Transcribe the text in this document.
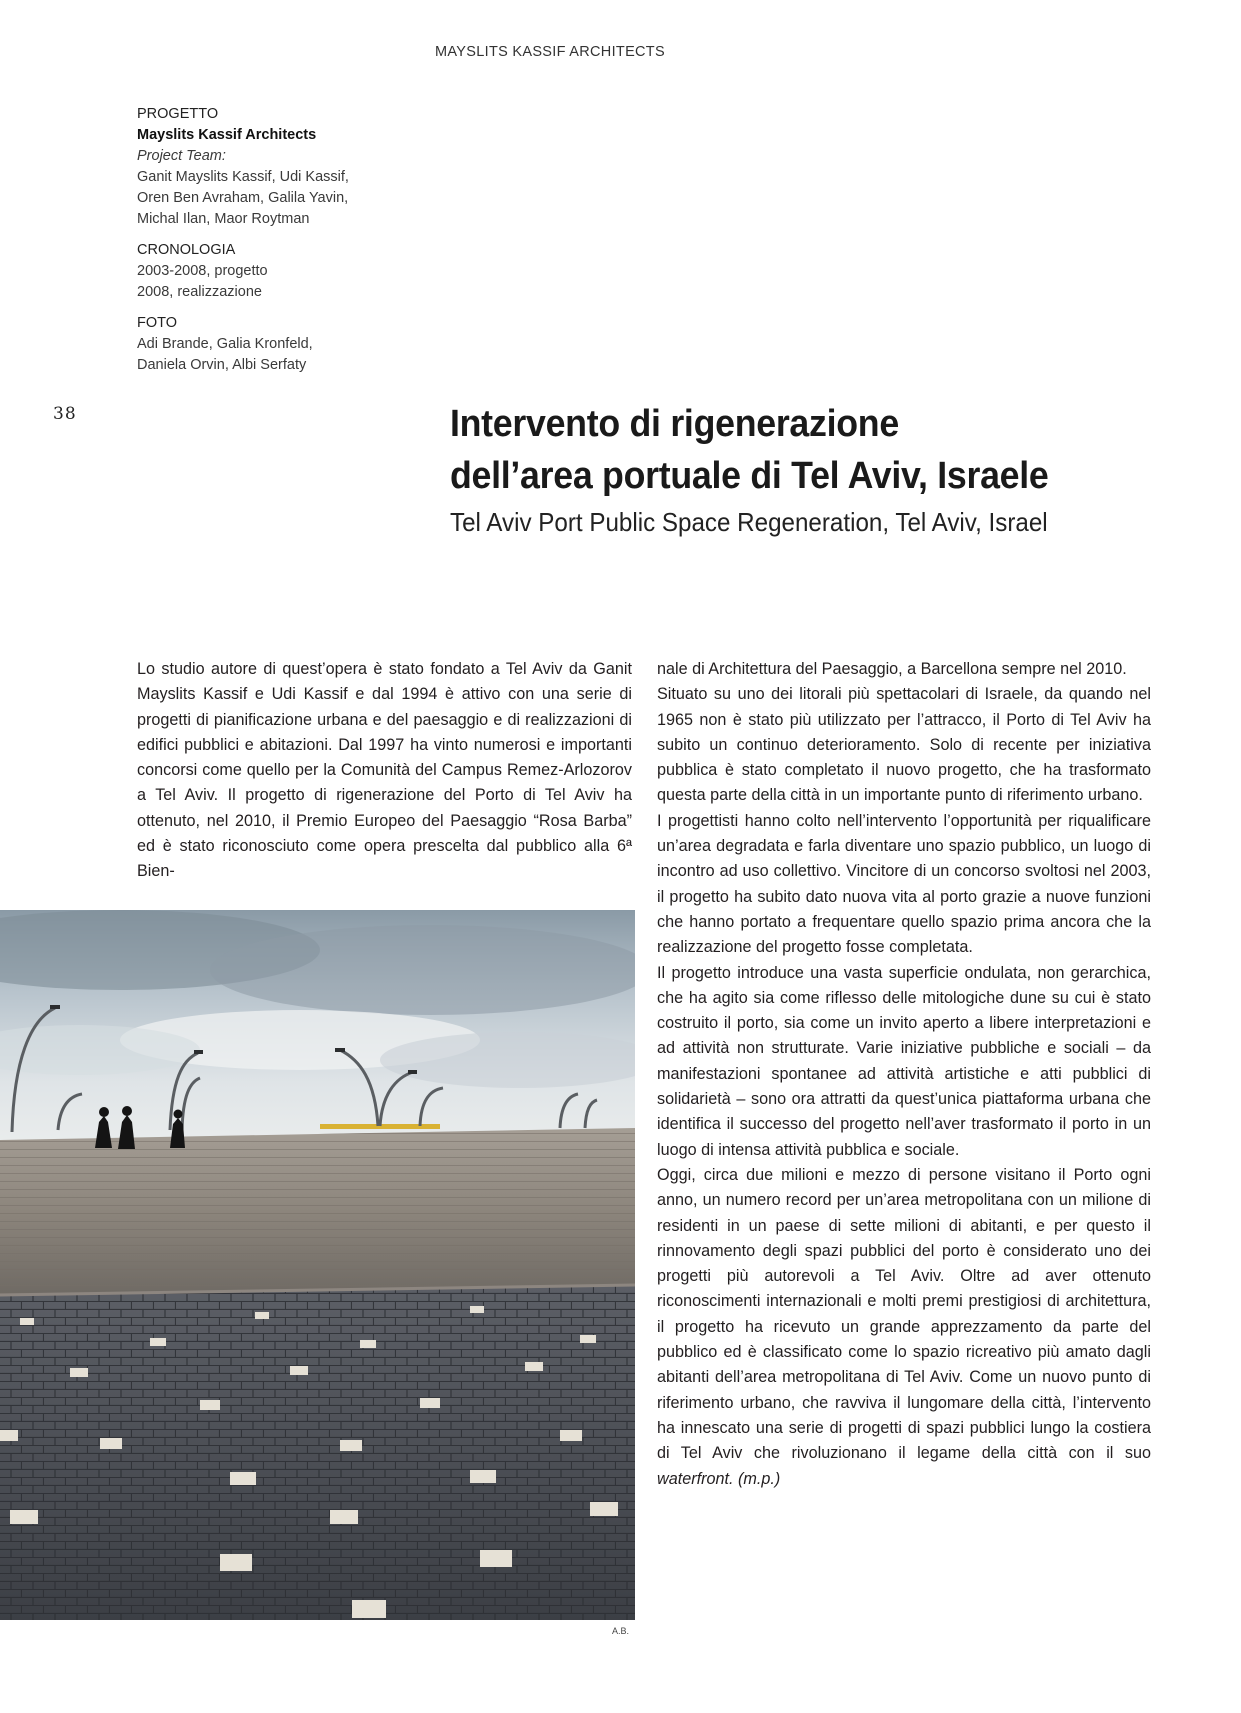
MAYSLITS KASSIF ARCHITECTS
PROGETTO
Mayslits Kassif Architects
Project Team:
Ganit Mayslits Kassif, Udi Kassif,
Oren Ben Avraham, Galila Yavin,
Michal Ilan, Maor Roytman
CRONOLOGIA
2003-2008, progetto
2008, realizzazione
FOTO
Adi Brande, Galia Kronfeld,
Daniela Orvin, Albi Serfaty
38	Intervento di rigenerazione
dell’area portuale di Tel Aviv, Israele
Tel Aviv Port Public Space Regeneration, Tel Aviv, Israel

Lo studio autore di quest’opera è stato fondato a Tel Aviv da Ganit Mayslits Kassif e Udi Kassif e dal 1994 è attivo con una serie di progetti di pianificazione urbana e del paesaggio e di realizzazioni di edifici pubblici e abitazioni. Dal 1997 ha vinto numerosi e importanti concorsi come quello per la Comunità del Campus Remez-Arlozorov a Tel Aviv. Il progetto di rigenerazione del Porto di Tel Aviv ha ottenuto, nel 2010, il Premio Europeo del Paesaggio “Rosa Barba” ed è stato riconosciuto come opera prescelta dal pubblico alla 6ª Bien-

nale di Architettura del Paesaggio, a Barcellona sempre nel 2010.

Situato su uno dei litorali più spettacolari di Israele, da quando nel 1965 non è stato più utilizzato per l’attracco, il Porto di Tel Aviv ha subito un continuo deterioramento. Solo di recente per iniziativa pubblica è stato completato il nuovo progetto, che ha trasformato questa parte della città in un importante punto di riferimento urbano.

I progettisti hanno colto nell’intervento l’opportunità per riqualificare un’area degradata e farla diventare uno spazio pubblico, un luogo di incontro ad uso collettivo. Vincitore di un concorso svoltosi nel 2003, il progetto ha subito dato nuova vita al porto grazie a nuove funzioni che hanno portato a frequentare quello spazio prima ancora che la realizzazione del progetto fosse completata.

Il progetto introduce una vasta superficie ondulata, non gerarchica, che ha agito sia come riflesso delle mitologiche dune su cui è stato costruito il porto, sia come un invito aperto a libere interpretazioni e ad attività non strutturate. Varie iniziative pubbliche e sociali – da manifestazioni spontanee ad attività artistiche e atti pubblici di solidarietà – sono ora attratti da quest’unica piattaforma urbana che identifica il successo del progetto nell’aver trasformato il porto in un luogo di intensa attività pubblica e sociale.

Oggi, circa due milioni e mezzo di persone visitano il Porto ogni anno, un numero record per un’area metropolitana con un milione di residenti in un paese di sette milioni di abitanti, e per questo il rinnovamento degli spazi pubblici del porto è considerato uno dei progetti più autorevoli a Tel Aviv. Oltre ad aver ottenuto riconoscimenti internazionali e molti premi prestigiosi di architettura, il progetto ha ricevuto un grande apprezzamento da parte del pubblico ed è classificato come lo spazio ricreativo più amato dagli abitanti dell’area metropolitana di Tel Aviv. Come un nuovo punto di riferimento urbano, che ravviva il lungomare della città, l’intervento ha innescato una serie di progetti di spazi pubblici lungo la costiera di Tel Aviv che rivoluzionano il legame della città con il suo waterfront. (m.p.)

A.B.
